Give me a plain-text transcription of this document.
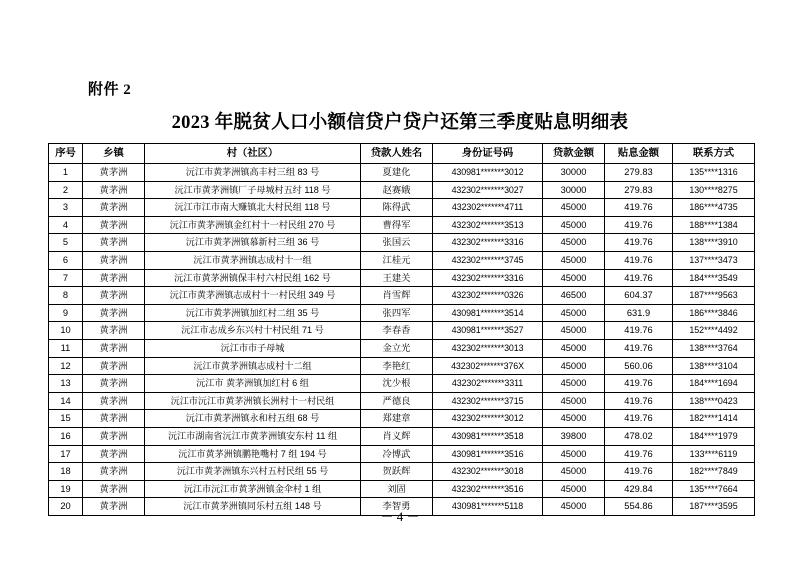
附件 2
2023 年脱贫人口小额信贷户贷户还第三季度贴息明细表
序号	乡镇	村（社区）	贷款人姓名	身份证号码	贷款金额	贴息金额	联系方式
1	黄茅洲	沅江市黄茅洲镇高丰村三组 83 号	夏建化	430981*******3012	30000	279.83	135****1316
2	黄茅洲	沅江市黄茅洲镇厂子母城村五纣 118 号	赵赛娥	432302*******3027	30000	279.83	130****8275
3	黄茅洲	沅江市江市南大赚镇北大村民组 118 号	陈得武	432302*******4711	45000	419.76	186****4735
4	黄茅洲	沅江市黄茅洲镇金红村十一村民组 270 号	曹得军	432302*******3513	45000	419.76	188****1384
5	黄茅洲	沅江市黄茅洲镇慕新村三组 36 号	张国云	432302*******3316	45000	419.76	138****3910
6	黄茅洲	沅江市黄茅洲镇志成村十一组	江桂元	432302*******3745	45000	419.76	137****3473
7	黄茅洲	沅江市黄茅洲镇保丰村六村民组 162 号	王建关	432302*******3316	45000	419.76	184****3549
8	黄茅洲	沅江市黄茅洲镇志成村十一村民组 349 号	肖雪辉	432302*******0326	46500	604.37	187****9563
9	黄茅洲	沅江市黄茅洲镇加红村二组 35 号	张四军	430981*******3514	45000	631.9	186****3846
10	黄茅洲	沅江市志成乡东兴村十村民组 71 号	李春香	430981*******3527	45000	419.76	152****4492
11	黄茅洲	沅江市市子母城	金立光	432302*******3013	45000	419.76	138****3764
12	黄茅洲	沅江市黄茅洲镇志成村十二组	李艳红	432302*******376X	45000	560.06	138****3104
13	黄茅洲	沅江市 黄茅洲镇加红村 6 组	沈少根	432302*******3311	45000	419.76	184****1694
14	黄茅洲	沅江市沅江市黄茅洲镇长洲村十一村民组	严德良	432302*******3715	45000	419.76	138****0423
15	黄茅洲	沅江市黄茅洲镇永和村五组 68 号	郑建章	432302*******3012	45000	419.76	182****1414
16	黄茅洲	沅江市湖南省沅江市黄茅洲镇安东村 11 组	肖义辉	430981*******3518	39800	478.02	184****1979
17	黄茅洲	沅江市黄茅洲镇鹏艳嘴村 7 组 194 号	冷博武	430981*******3516	45000	419.76	133****6119
18	黄茅洲	沅江市黄茅洲镇东兴村五村民组 55 号	贺跃辉	432302*******3018	45000	419.76	182****7849
19	黄茅洲	沅江市沅江市黄茅洲镇金伞村 1 组	刘固	432302*******3516	45000	429.84	135****7664
20	黄茅洲	沅江市黄茅洲镇同乐村五组 148 号	李智勇	430981*******5118	45000	554.86	187****3595
－ 4 －
